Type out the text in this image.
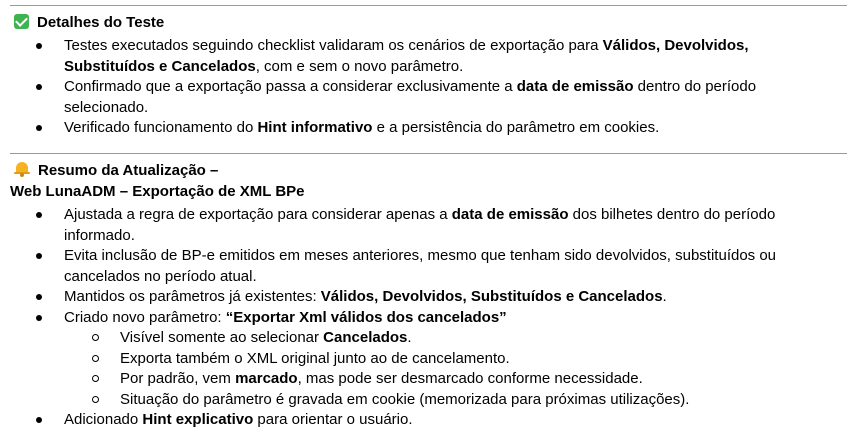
Detalhes do Teste
Testes executados seguindo checklist validaram os cenários de exportação para Válidos, Devolvidos, Substituídos e Cancelados, com e sem o novo parâmetro.
Confirmado que a exportação passa a considerar exclusivamente a data de emissão dentro do período selecionado.
Verificado funcionamento do Hint informativo e a persistência do parâmetro em cookies.
Resumo da Atualização –
Web LunaADM – Exportação de XML BPe
Ajustada a regra de exportação para considerar apenas a data de emissão dos bilhetes dentro do período informado.
Evita inclusão de BP-e emitidos em meses anteriores, mesmo que tenham sido devolvidos, substituídos ou cancelados no período atual.
Mantidos os parâmetros já existentes: Válidos, Devolvidos, Substituídos e Cancelados.
Criado novo parâmetro: “Exportar Xml válidos dos cancelados”
Visível somente ao selecionar Cancelados.
Exporta também o XML original junto ao de cancelamento.
Por padrão, vem marcado, mas pode ser desmarcado conforme necessidade.
Situação do parâmetro é gravada em cookie (memorizada para próximas utilizações).
Adicionado Hint explicativo para orientar o usuário.
